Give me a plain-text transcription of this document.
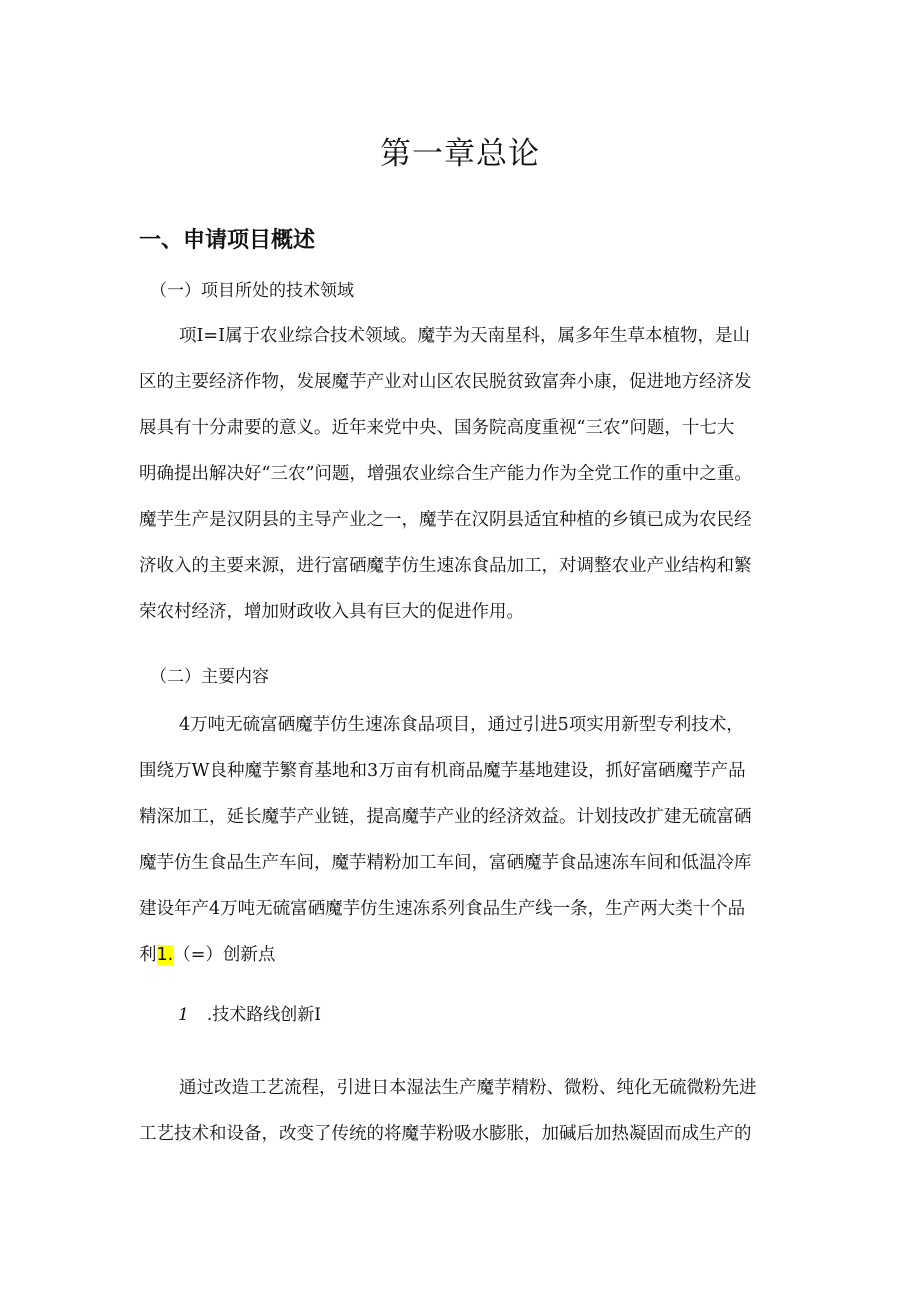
第一章总论
一、申请项目概述
（一）项目所处的技术领域
项I=I属于农业综合技术领域。魔芋为天南星科，属多年生草本植物，是山
区的主要经济作物，发展魔芋产业对山区农民脱贫致富奔小康，促进地方经济发
展具有十分肃要的意义。近年来党中央、国务院高度重视“三农”问题，十七大
明确提出解决好“三农”问题，增强农业综合生产能力作为全党工作的重中之重。
魔芋生产是汉阴县的主导产业之一，魔芋在汉阴县适宜种植的乡镇已成为农民经
济收入的主要来源，进行富硒魔芋仿生速冻食品加工，对调整农业产业结构和繁
荣农村经济，增加财政收入具有巨大的促进作用。
（二）主要内容
4万吨无硫富硒魔芋仿生速冻食品项目，通过引进5项实用新型专利技术，
围绕万W良种魔芋繁育基地和3万亩有机商品魔芋基地建设，抓好富硒魔芋产品
精深加工，延长魔芋产业链，提高魔芋产业的经济效益。计划技改扩建无硫富硒
魔芋仿生食品生产车间，魔芋精粉加工车间，富硒魔芋食品速冻车间和低温冷库
建设年产4万吨无硫富硒魔芋仿生速冻系列食品生产线一条，生产两大类十个品
利1.（=）创新点
1 .技术路线创新I
通过改造工艺流程，引进日本湿法生产魔芋精粉、微粉、纯化无硫微粉先进
工艺技术和设备，改变了传统的将魔芋粉吸水膨胀，加碱后加热凝固而成生产的
